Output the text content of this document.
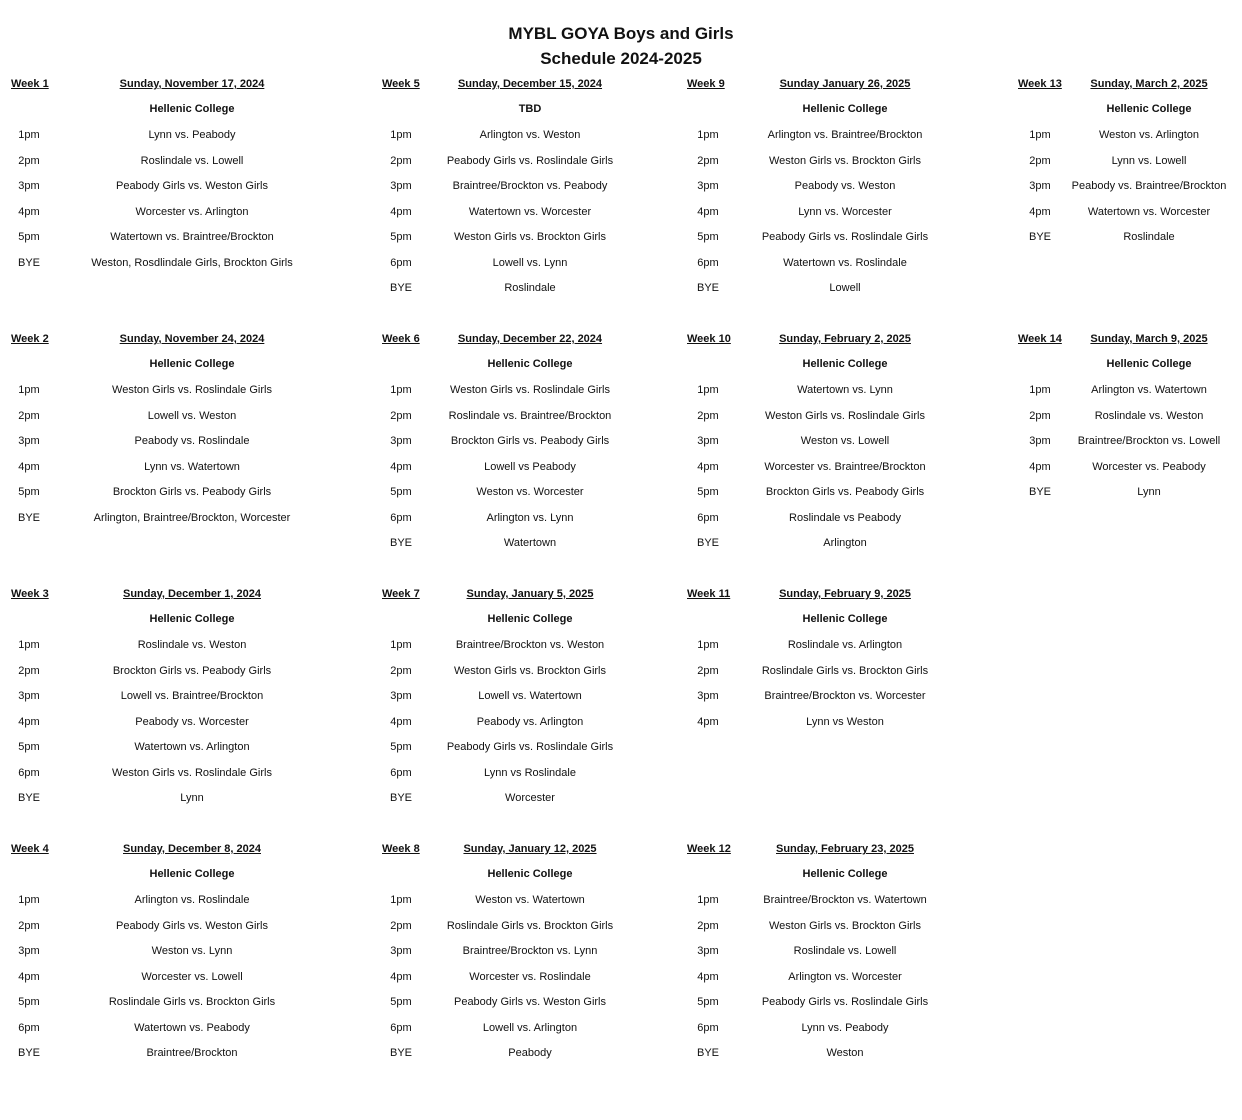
MYBL GOYA Boys and Girls
Schedule 2024-2025
Week 1	Sunday, November 17, 2024
Hellenic College
1pm	Lynn vs. Peabody
2pm	Roslindale vs. Lowell
3pm	Peabody Girls vs. Weston Girls
4pm	Worcester vs. Arlington
5pm	Watertown vs. Braintree/Brockton
BYE	Weston, Rosdlindale Girls, Brockton Girls
Week 2	Sunday, November 24, 2024
Hellenic College
1pm	Weston Girls vs. Roslindale Girls
2pm	Lowell vs. Weston
3pm	Peabody vs. Roslindale
4pm	Lynn vs. Watertown
5pm	Brockton Girls vs. Peabody Girls
BYE	Arlington, Braintree/Brockton, Worcester
Week 3	Sunday, December 1, 2024
Hellenic College
1pm	Roslindale vs. Weston
2pm	Brockton Girls vs. Peabody Girls
3pm	Lowell vs. Braintree/Brockton
4pm	Peabody vs. Worcester
5pm	Watertown vs. Arlington
6pm	Weston Girls vs. Roslindale Girls
BYE	Lynn
Week 4	Sunday, December 8, 2024
Hellenic College
1pm	Arlington vs. Roslindale
2pm	Peabody Girls vs. Weston Girls
3pm	Weston vs. Lynn
4pm	Worcester vs. Lowell
5pm	Roslindale Girls vs. Brockton Girls
6pm	Watertown vs. Peabody
BYE	Braintree/Brockton
Week 5	Sunday, December 15, 2024
TBD
1pm	Arlington vs. Weston
2pm	Peabody Girls vs. Roslindale Girls
3pm	Braintree/Brockton vs. Peabody
4pm	Watertown vs. Worcester
5pm	Weston Girls vs. Brockton Girls
6pm	Lowell vs. Lynn
BYE	Roslindale
Week 6	Sunday, December 22, 2024
Hellenic College
1pm	Weston Girls vs. Roslindale Girls
2pm	Roslindale vs. Braintree/Brockton
3pm	Brockton Girls vs. Peabody Girls
4pm	Lowell vs Peabody
5pm	Weston vs. Worcester
6pm	Arlington vs. Lynn
BYE	Watertown
Week 7	Sunday, January 5, 2025
Hellenic College
1pm	Braintree/Brockton vs. Weston
2pm	Weston Girls vs. Brockton Girls
3pm	Lowell vs. Watertown
4pm	Peabody vs. Arlington
5pm	Peabody Girls vs. Roslindale Girls
6pm	Lynn vs Roslindale
BYE	Worcester
Week 8	Sunday, January 12, 2025
Hellenic College
1pm	Weston vs. Watertown
2pm	Roslindale Girls vs. Brockton Girls
3pm	Braintree/Brockton vs. Lynn
4pm	Worcester vs. Roslindale
5pm	Peabody Girls vs. Weston Girls
6pm	Lowell vs. Arlington
BYE	Peabody
Week 9	Sunday January 26, 2025
Hellenic College
1pm	Arlington vs. Braintree/Brockton
2pm	Weston Girls vs. Brockton Girls
3pm	Peabody vs. Weston
4pm	Lynn vs. Worcester
5pm	Peabody Girls vs. Roslindale Girls
6pm	Watertown vs. Roslindale
BYE	Lowell
Week 10	Sunday, February 2, 2025
Hellenic College
1pm	Watertown vs. Lynn
2pm	Weston Girls vs. Roslindale Girls
3pm	Weston vs. Lowell
4pm	Worcester vs. Braintree/Brockton
5pm	Brockton Girls vs. Peabody Girls
6pm	Roslindale vs Peabody
BYE	Arlington
Week 11	Sunday, February 9, 2025
Hellenic College
1pm	Roslindale vs. Arlington
2pm	Roslindale Girls vs. Brockton Girls
3pm	Braintree/Brockton vs. Worcester
4pm	Lynn vs Weston
Week 12	Sunday, February 23, 2025
Hellenic College
1pm	Braintree/Brockton vs. Watertown
2pm	Weston Girls vs. Brockton Girls
3pm	Roslindale vs. Lowell
4pm	Arlington vs. Worcester
5pm	Peabody Girls vs. Roslindale Girls
6pm	Lynn vs. Peabody
BYE	Weston
Week 13	Sunday, March 2, 2025
Hellenic College
1pm	Weston vs. Arlington
2pm	Lynn vs. Lowell
3pm	Peabody vs. Braintree/Brockton
4pm	Watertown vs. Worcester
BYE	Roslindale
Week 14	Sunday, March 9, 2025
Hellenic College
1pm	Arlington vs. Watertown
2pm	Roslindale vs. Weston
3pm	Braintree/Brockton vs. Lowell
4pm	Worcester vs. Peabody
BYE	Lynn
